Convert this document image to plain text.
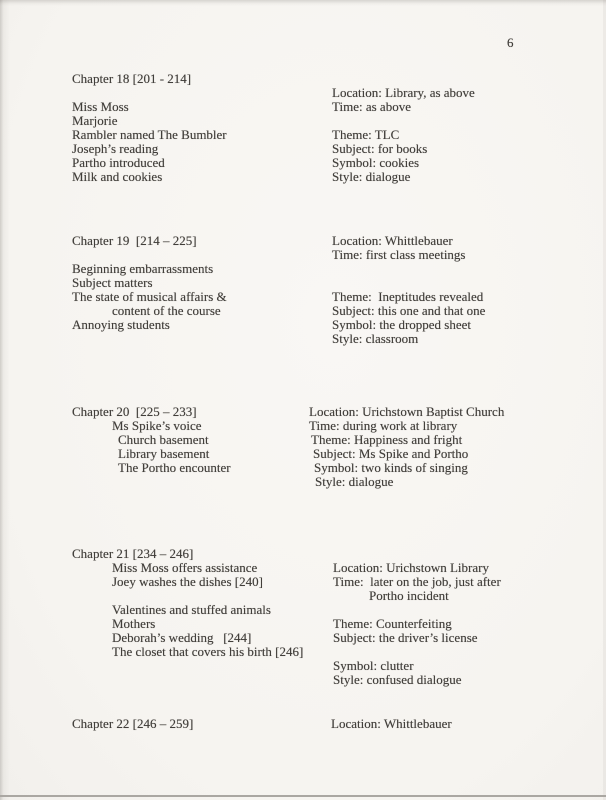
6
Chapter 18 [201 - 214]
Location: Library, as above
Miss Moss	Time: as above
Marjorie
Rambler named The Bumbler	Theme: TLC
Joseph’s reading	Subject: for books
Partho introduced	Symbol: cookies
Milk and cookies	Style: dialogue
Chapter 19  [214 – 225]	Location: Whittlebauer
Time: first class meetings
Beginning embarrassments
Subject matters
The state of musical affairs &	Theme:  Ineptitudes revealed
content of the course	Subject: this one and that one
Annoying students	Symbol: the dropped sheet
Style: classroom
Chapter 20  [225 – 233]	Location: Urichstown Baptist Church
Ms Spike’s voice	Time: during work at library
Church basement	Theme: Happiness and fright
Library basement	Subject: Ms Spike and Portho
The Portho encounter	Symbol: two kinds of singing
Style: dialogue
Chapter 21 [234 – 246]
Miss Moss offers assistance	Location: Urichstown Library
Joey washes the dishes [240]	Time:  later on the job, just after
Portho incident
Valentines and stuffed animals
Mothers	Theme: Counterfeiting
Deborah’s wedding   [244]	Subject: the driver’s license
The closet that covers his birth [246]
Symbol: clutter
Style: confused dialogue
Chapter 22 [246 – 259]	Location: Whittlebauer
